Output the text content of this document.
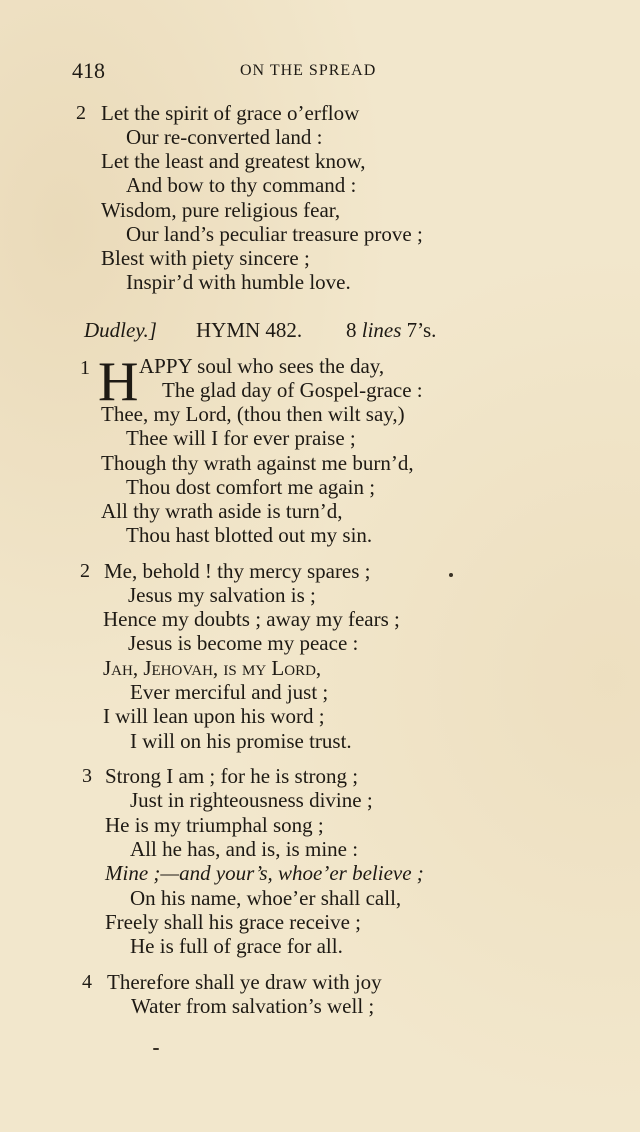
418	ON THE SPREAD
2 Let the spirit of grace o’erflow
Our re-converted land :
Let the least and greatest know,
And bow to thy command :
Wisdom, pure religious fear,
Our land’s peculiar treasure prove ;
Blest with piety sincere ;
Inspir’d with humble love.
Dudley.] HYMN 482. 8 lines 7’s.
1 H APPY soul who sees the day,
The glad day of Gospel-grace :
Thee, my Lord, (thou then wilt say,)
Thee will I for ever praise ;
Though thy wrath against me burn’d,
Thou dost comfort me again ;
All thy wrath aside is turn’d,
Thou hast blotted out my sin.
2 Me, behold ! thy mercy spares ;
Jesus my salvation is ;
Hence my doubts ; away my fears ;
Jesus is become my peace :
Jah, Jehovah, is my Lord,
Ever merciful and just ;
I will lean upon his word ;
I will on his promise trust.
3 Strong I am ; for he is strong ;
Just in righteousness divine ;
He is my triumphal song ;
All he has, and is, is mine :
Mine ;—and your’s, whoe’er believe ;
On his name, whoe’er shall call,
Freely shall his grace receive ;
He is full of grace for all.
4 Therefore shall ye draw with joy
Water from salvation’s well ;
